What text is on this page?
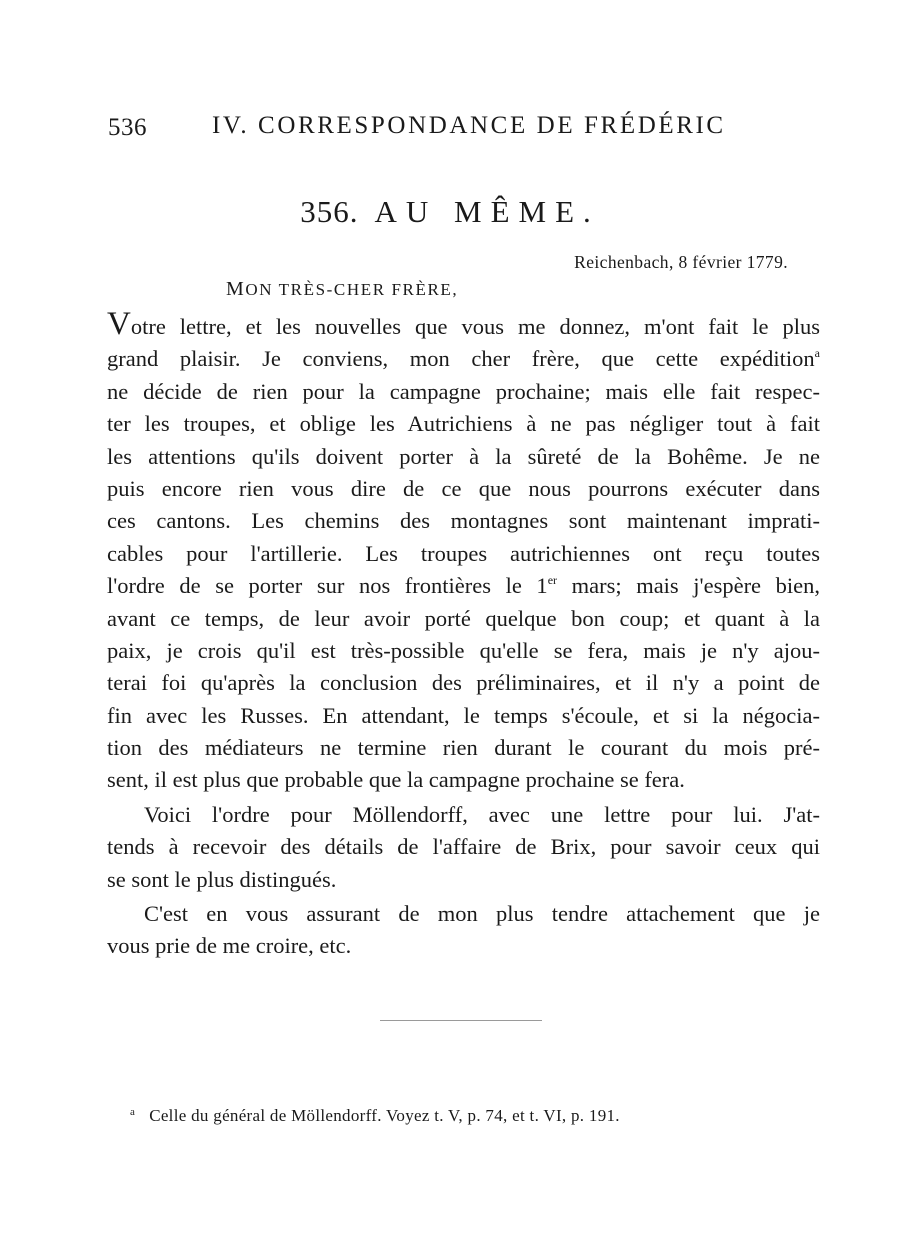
536	IV. CORRESPONDANCE DE FRÉDÉRIC
356. AU MÊME.
Reichenbach, 8 février 1779.
MON TRÈS-CHER FRÈRE,
Votre lettre, et les nouvelles que vous me donnez, m'ont fait le plus
grand plaisir. Je conviens, mon cher frère, que cette expédition$^a$
ne décide de rien pour la campagne prochaine; mais elle fait respec-
ter les troupes, et oblige les Autrichiens à ne pas négliger tout à fait
les attentions qu'ils doivent porter à la sûreté de la Bohême. Je ne
puis encore rien vous dire de ce que nous pourrons exécuter dans
ces cantons. Les chemins des montagnes sont maintenant imprati-
cables pour l'artillerie. Les troupes autrichiennes ont reçu toutes
l'ordre de se porter sur nos frontières le 1er mars; mais j'espère bien,
avant ce temps, de leur avoir porté quelque bon coup; et quant à la
paix, je crois qu'il est très-possible qu'elle se fera, mais je n'y ajou-
terai foi qu'après la conclusion des préliminaires, et il n'y a point de
fin avec les Russes. En attendant, le temps s'écoule, et si la négocia-
tion des médiateurs ne termine rien durant le courant du mois pré-
sent, il est plus que probable que la campagne prochaine se fera.
Voici l'ordre pour Möllendorff, avec une lettre pour lui. J'at-
tends à recevoir des détails de l'affaire de Brix, pour savoir ceux qui
se sont le plus distingués.
C'est en vous assurant de mon plus tendre attachement que je
vous prie de me croire, etc.
$^a$ Celle du général de Möllendorff. Voyez t. V, p. 74, et t. VI, p. 191.
